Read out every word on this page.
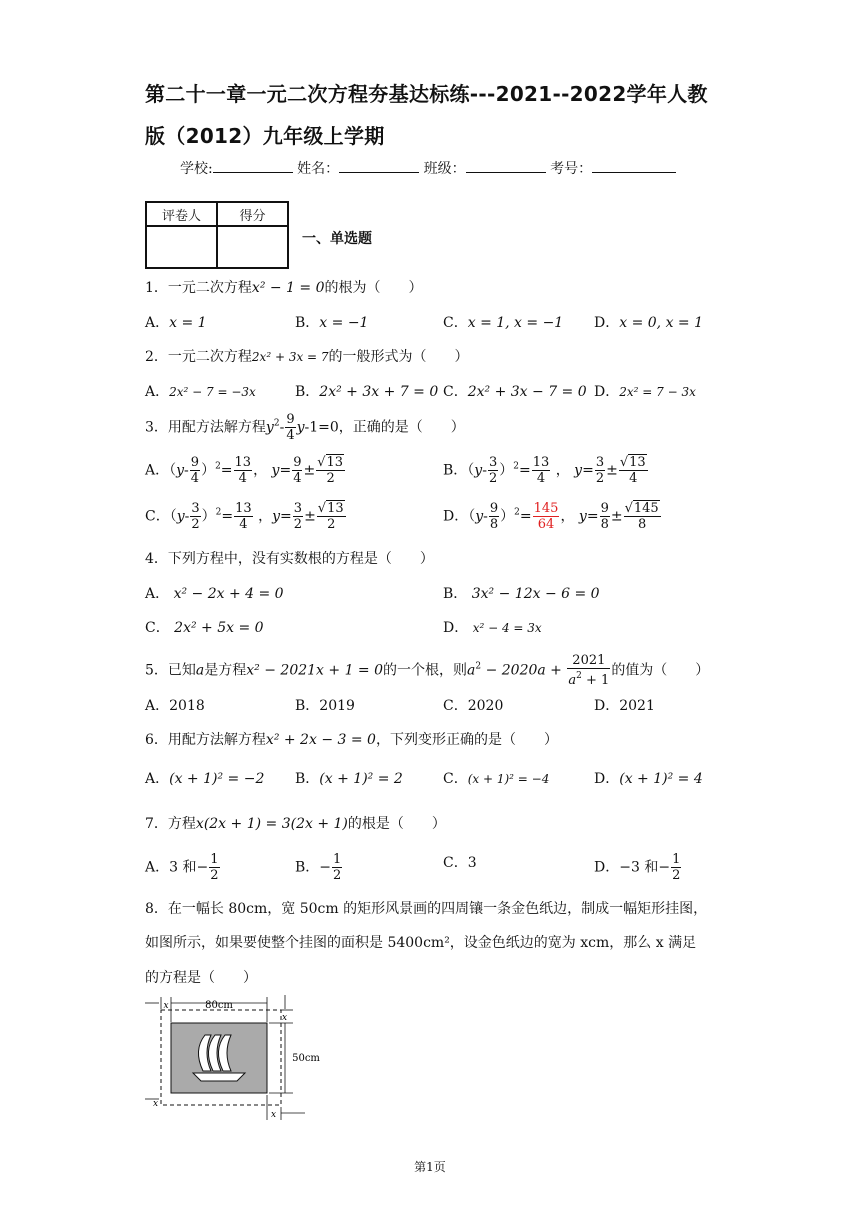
第二十一章一元二次方程夯基达标练---2021--2022学年人教
版（2012）九年级上学期
学校:	姓名：	班级：	考号：
评卷人	得分

一、单选题
1．一元二次方程x² − 1 = 0的根为（　　）
A．x = 1	B．x = −1	C．x = 1, x = −1 D．x = 0, x = 1
2．一元二次方程2x² + 3x = 7的一般形式为（　　）
A．2x² − 7 = −3x	B．2x² + 3x + 7 = 0 C．2x² + 3x − 7 = 0 D．2x² = 7 − 3x
3．用配方法解方程$y^2- \frac{9}{4} y-1=0$，正确的是（　　）
A．$(y- \frac{9}{4} )^2= \frac{13}{4}$ ， $y= \frac{9}{4} \pm \frac{√13}{2}$	B．$(y- \frac{3}{2} )^2= \frac{13}{4}$ ， $y= \frac{3}{2} \pm \frac{√13}{4}$
C．$(y- \frac{3}{2} )^2= \frac{13}{4}$ ，$y= \frac{3}{2} \pm \frac{√13}{2}$	D．$(y- \frac{9}{8} )^2= \frac{145}{64}$ ， $y= \frac{9}{8} \pm \frac{√145}{8}$
4．下列方程中，没有实数根的方程是（　　）
A． x² − 2x + 4 = 0	B． 3x² − 12x − 6 = 0
C． 2x² + 5x = 0	D． x² − 4 = 3x
5．已知a是方程x² − 2021x + 1 = 0的一个根，则$a^2 - 2020a + \frac{2021}{a^2 + 1}$ 的值为（　　）
A．2018	B．2019	C．2020	D．2021
6．用配方法解方程x² + 2x − 3 = 0，下列变形正确的是（　　）
A．(x + 1)² = −2 B．(x + 1)² = 2	C．(x + 1)² = −4	D．(x + 1)² = 4
7．方程x(2x + 1) = 3(2x + 1)的根是（　　）
A．3 和− $\frac{1}{2}$	B．− $\frac{1}{2}$	C．3	D．−3 和− $\frac{1}{2}$
8．在一幅长 80cm，宽 50cm 的矩形风景画的四周镶一条金色纸边，制成一幅矩形挂图，
如图所示，如果要使整个挂图的面积是 5400cm²，设金色纸边的宽为 xcm，那么 x 满足
的方程是（　　）
80cm
x
50cm
x
x
x
第1页
